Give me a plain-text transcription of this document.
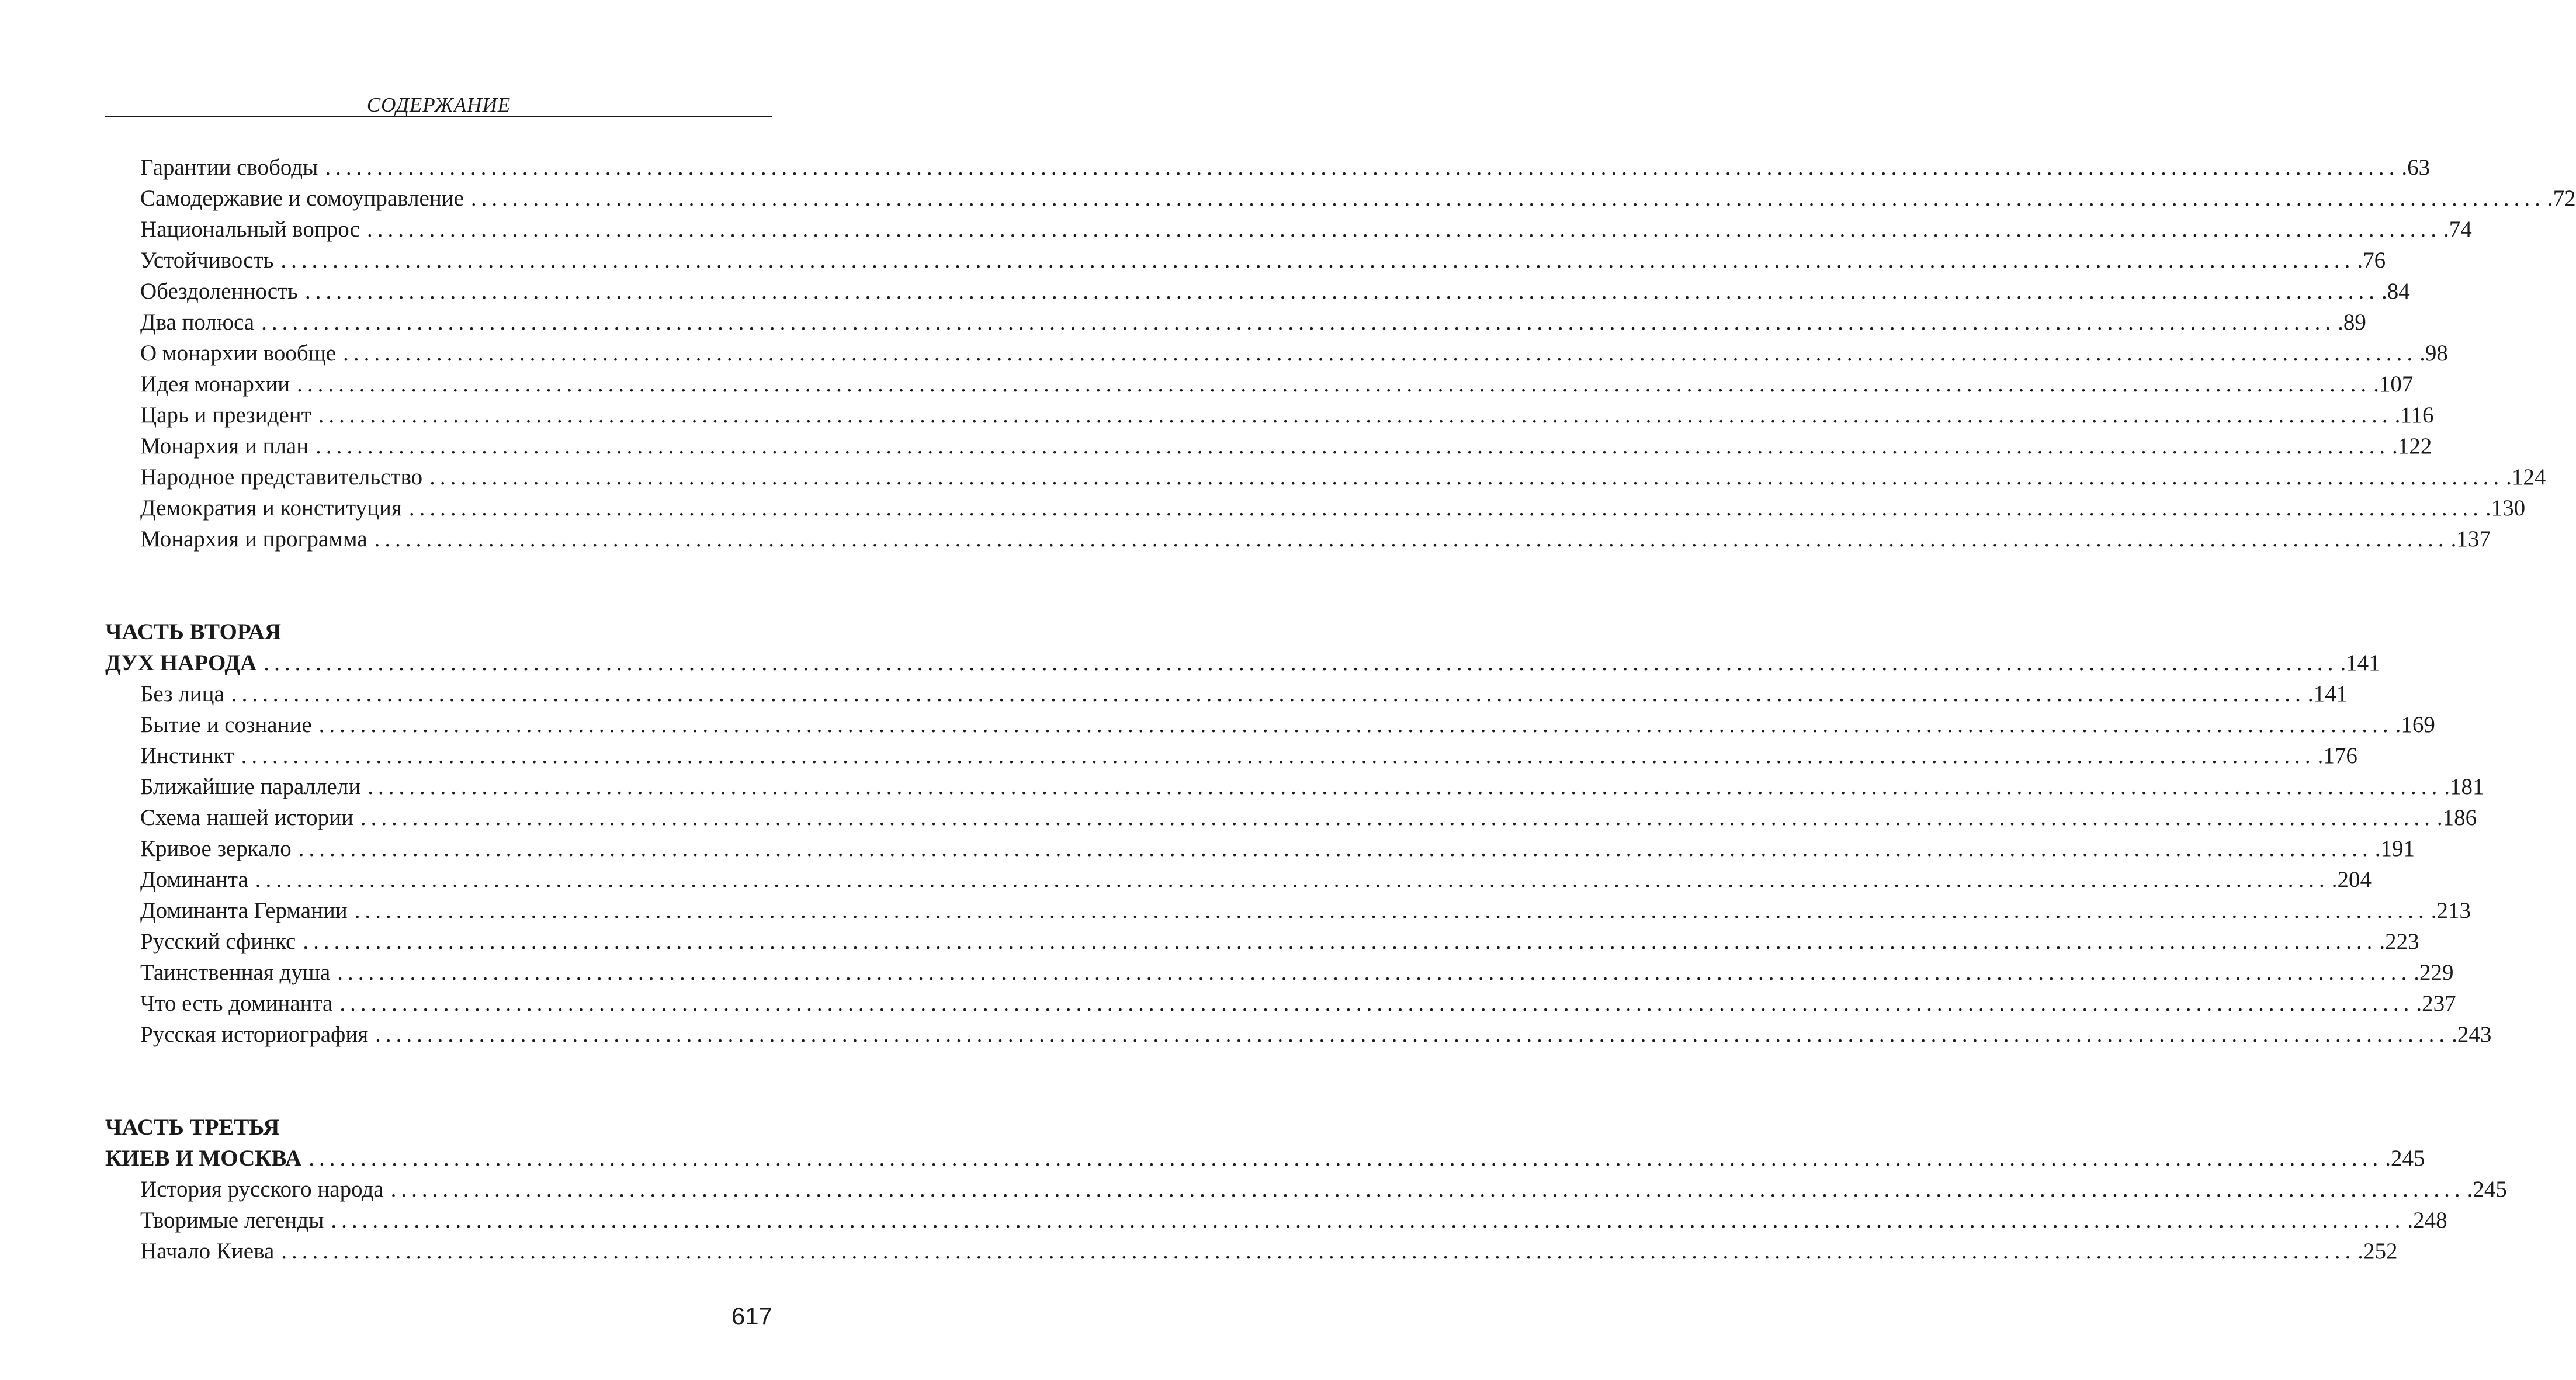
СОДЕРЖАНИЕ
Гарантии свободы ........................................................................................................................................................................................................ .63
Самодержавие и сомоуправление ........................................................................................................................................................................................................ .72
Национальный вопрос ........................................................................................................................................................................................................ .74
Устойчивость ........................................................................................................................................................................................................ .76
Обездоленность ........................................................................................................................................................................................................ .84
Два полюса ........................................................................................................................................................................................................ .89
О монархии вообще ........................................................................................................................................................................................................ .98
Идея монархии ........................................................................................................................................................................................................ .107
Царь и президент ........................................................................................................................................................................................................ .116
Монархия и план ........................................................................................................................................................................................................ .122
Народное представительство ........................................................................................................................................................................................................ .124
Демократия и конституция ........................................................................................................................................................................................................ .130
Монархия и программа ........................................................................................................................................................................................................ .137
ЧАСТЬ ВТОРАЯ
ДУХ НАРОДА ........................................................................................................................................................................................................ .141
Без лица ........................................................................................................................................................................................................ .141
Бытие и сознание ........................................................................................................................................................................................................ .169
Инстинкт ........................................................................................................................................................................................................ .176
Ближайшие параллели ........................................................................................................................................................................................................ .181
Схема нашей истории ........................................................................................................................................................................................................ .186
Кривое зеркало ........................................................................................................................................................................................................ .191
Доминанта ........................................................................................................................................................................................................ .204
Доминанта Германии ........................................................................................................................................................................................................ .213
Русский сфинкс ........................................................................................................................................................................................................ .223
Таинственная душа ........................................................................................................................................................................................................ .229
Что есть доминанта ........................................................................................................................................................................................................ .237
Русская историография ........................................................................................................................................................................................................ .243
ЧАСТЬ ТРЕТЬЯ
КИЕВ И МОСКВА ........................................................................................................................................................................................................ .245
История русского народа ........................................................................................................................................................................................................ .245
Творимые легенды ........................................................................................................................................................................................................ .248
Начало Киева ........................................................................................................................................................................................................ .252
617
